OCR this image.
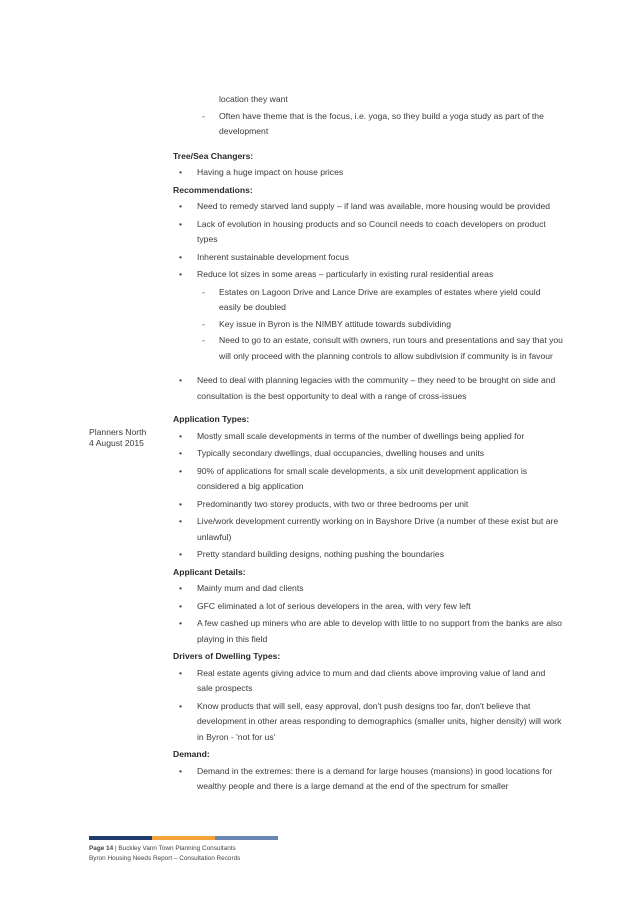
location they want
- Often have theme that is the focus, i.e. yoga, so they build a yoga study as part of the development
Tree/Sea Changers:
• Having a huge impact on house prices
Recommendations:
• Need to remedy starved land supply – if land was available, more housing would be provided
• Lack of evolution in housing products and so Council needs to coach developers on product types
• Inherent sustainable development focus
• Reduce lot sizes in some areas – particularly in existing rural residential areas
- Estates on Lagoon Drive and Lance Drive are examples of estates where yield could easily be doubled
- Key issue in Byron is the NIMBY attitude towards subdividing
- Need to go to an estate, consult with owners, run tours and presentations and say that you will only proceed with the planning controls to allow subdivision if community is in favour
• Need to deal with planning legacies with the community – they need to be brought on side and consultation is the best opportunity to deal with a range of cross-issues
Application Types:
• Mostly small scale developments in terms of the number of dwellings being applied for
• Typically secondary dwellings, dual occupancies, dwelling houses and units
• 90% of applications for small scale developments, a six unit development application is considered a big application
• Predominantly two storey products, with two or three bedrooms per unit
• Live/work development currently working on in Bayshore Drive (a number of these exist but are unlawful)
• Pretty standard building designs, nothing pushing the boundaries
Applicant Details:
• Mainly mum and dad clients
• GFC eliminated a lot of serious developers in the area, with very few left
• A few cashed up miners who are able to develop with little to no support from the banks are also playing in this field
Drivers of Dwelling Types:
• Real estate agents giving advice to mum and dad clients above improving value of land and sale prospects
• Know products that will sell, easy approval, don't push designs too far, don't believe that development in other areas responding to demographics (smaller units, higher density) will work in Byron - 'not for us'
Demand:
• Demand in the extremes: there is a demand for large houses (mansions) in good locations for wealthy people and there is a large demand at the end of the spectrum for smaller
Planners North
4 August 2015
Page 14 | Buckley Vann Town Planning Consultants
Byron Housing Needs Report – Consultation Records
